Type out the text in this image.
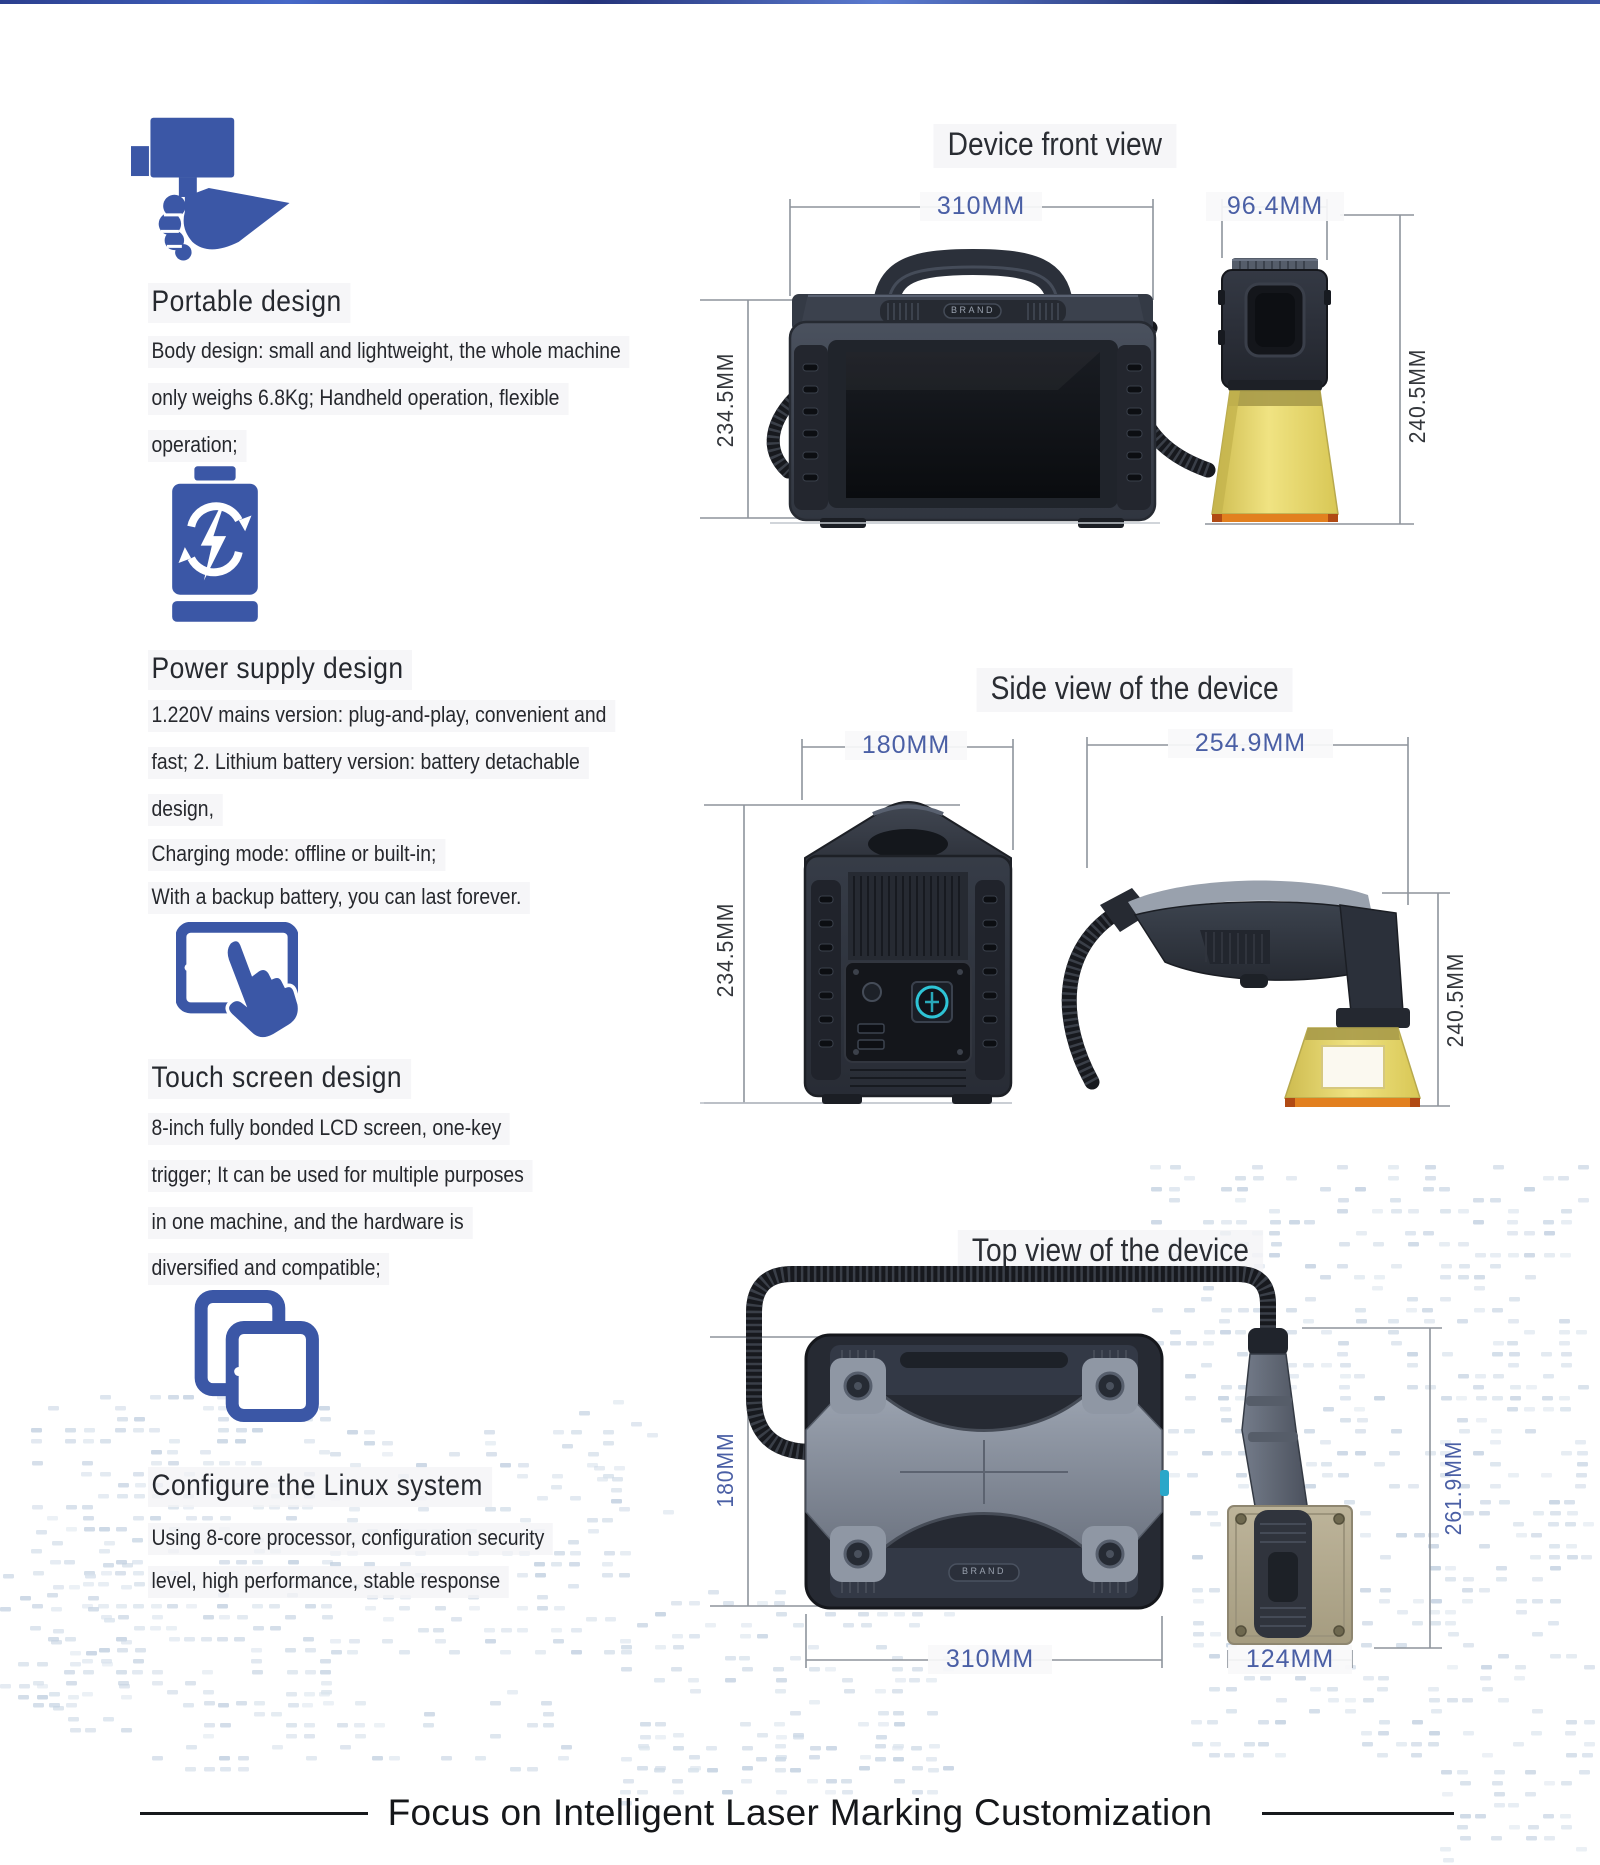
Portable design
Body design: small and lightweight, the whole machine
only weighs 6.8Kg; Handheld operation, flexible
operation;
Power supply design
1.220V mains version: plug-and-play, convenient and
fast; 2. Lithium battery version: battery detachable
design,
Charging mode: offline or built-in;
With a backup battery, you can last forever.
Touch screen design
8-inch fully bonded LCD screen, one-key
trigger; It can be used for multiple purposes
in one machine, and the hardware is
diversified and compatible;
Configure the Linux system
Using 8-core processor, configuration security
level, high performance, stable response
Device front view
BRAND
310MM	96.4MM
234.5MM	240.5MM
Side view of the device
180MM	254.9MM
234.5MM
240.5MM
Top view of the device
BRAND
180MM	261.9MM
310MM	124MM
Focus on Intelligent Laser Marking Customization
